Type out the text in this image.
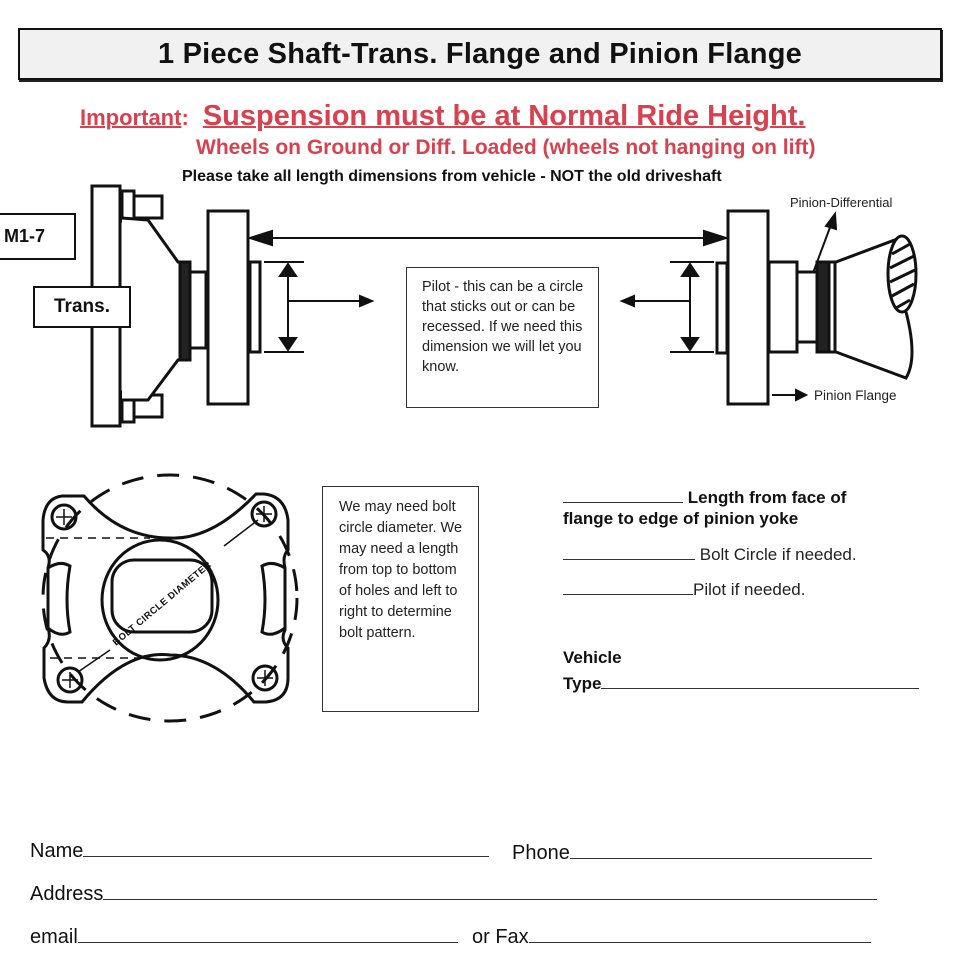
1 Piece Shaft-Trans. Flange and Pinion Flange
Important: Suspension must be at Normal Ride Height.
Wheels on Ground or Diff. Loaded (wheels not hanging on lift)
Please take all length dimensions from vehicle - NOT the old driveshaft
M1-7
Trans.
Pinion-Differential
Pinion Flange
Pilot - this can be a circle that sticks out or can be recessed. If we need this dimension we will let you know.
BOLT CIRCLE DIAMETER
We may need bolt circle diameter. We may need a length from top to bottom of holes and left to right to determine bolt pattern.
Length from face of
flange to edge of pinion yoke
Bolt Circle if needed.
Pilot if needed.
Vehicle
Type
Name	Phone
Address
email	or Fax
